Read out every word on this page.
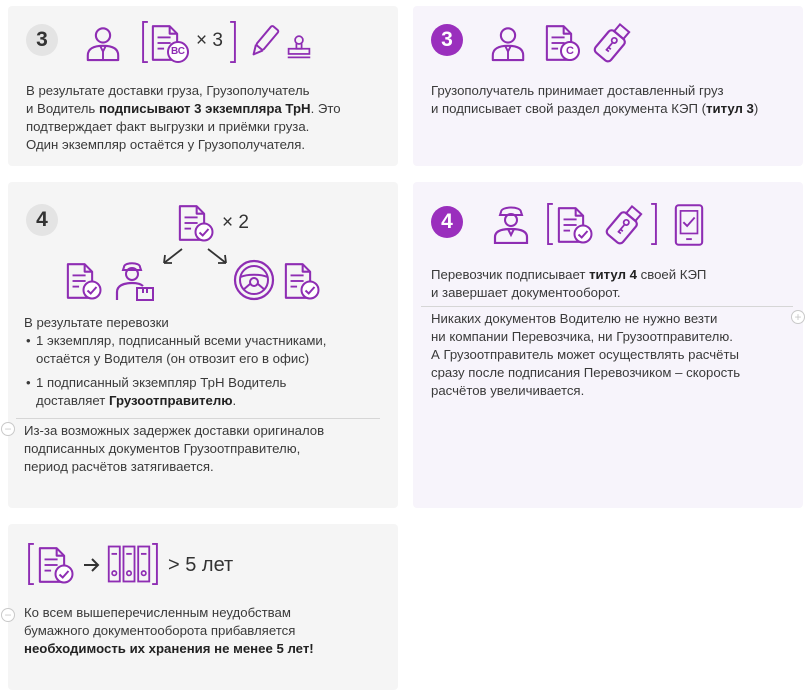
3
ВС
× 3
В результате доставки груза, Грузополучатель
и Водитель подписывают 3 экземпляра ТрН. Это
подтверждает факт выгрузки и приёмки груза.
Один экземпляр остаётся у Грузополучателя.
3	С
Грузополучатель принимает доставленный груз
и подписывает свой раздел документа КЭП (титул 3)
4	× 2
В результате перевозки
• 1 экземпляр, подписанный всеми участниками,
остаётся у Водителя (он отвозит его в офис)
• 1 подписанный экземпляр ТрН Водитель
доставляет Грузоотправителю.
− Из-за возможных задержек доставки оригиналов
подписанных документов Грузоотправителю,
период расчётов затягивается.
4
Перевозчик подписывает титул 4 своей КЭП
и завершает документооборот.
+
Никаких документов Водителю не нужно везти
ни компании Перевозчика, ни Грузоотправителю.
А Грузоотправитель может осуществлять расчёты
сразу после подписания Перевозчиком – скорость
расчётов увеличивается.
> 5 лет
− Ко всем вышеперечисленным неудобствам
бумажного документооборота прибавляется
необходимость их хранения не менее 5 лет!
